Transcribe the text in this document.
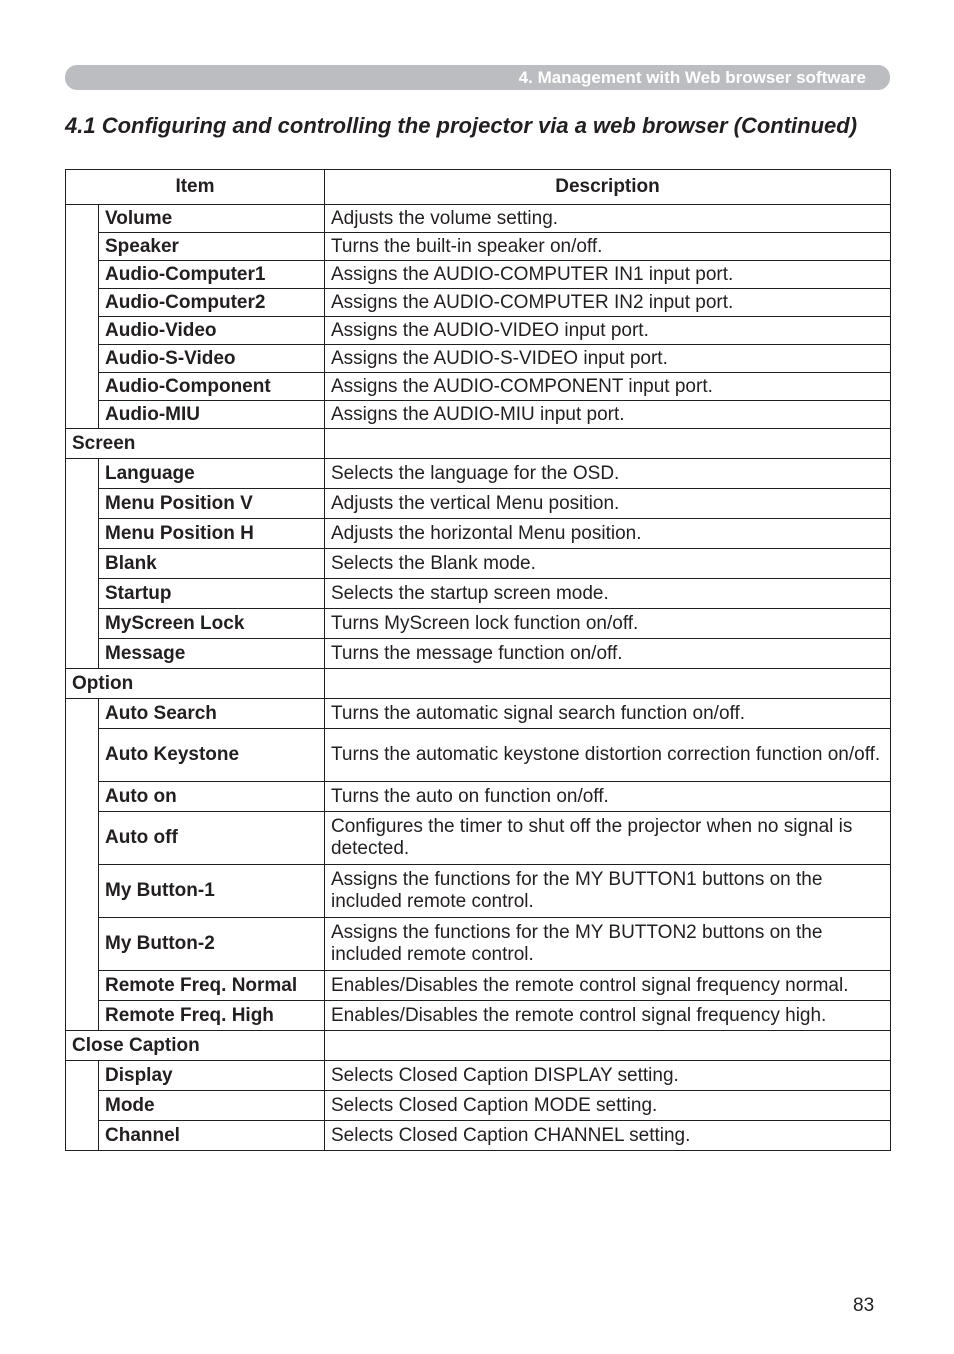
4. Management with Web browser software
4.1 Configuring and controlling the projector via a web browser (Continued)
Item		Description
	Volume	Adjusts the volume setting.
	Speaker	Turns the built-in speaker on/off.
	Audio-Computer1	Assigns the AUDIO-COMPUTER IN1 input port.
	Audio-Computer2	Assigns the AUDIO-COMPUTER IN2 input port.
	Audio-Video	Assigns the AUDIO-VIDEO input port.
	Audio-S-Video	Assigns the AUDIO-S-VIDEO input port.
	Audio-Component	Assigns the AUDIO-COMPONENT input port.
	Audio-MIU	Assigns the AUDIO-MIU input port.
Screen		
	Language	Selects the language for the OSD.
	Menu Position V	Adjusts the vertical Menu position.
	Menu Position H	Adjusts the horizontal Menu position.
	Blank	Selects the Blank mode.
	Startup	Selects the startup screen mode.
	MyScreen Lock	Turns MyScreen lock function on/off.
	Message	Turns the message function on/off.
Option		
	Auto Search	Turns the automatic signal search function on/off.
	Auto Keystone	Turns the automatic keystone distortion correction function on/off.
	Auto on	Turns the auto on function on/off.
	Auto off	Configures the timer to shut off the projector when no signal is detected.
	My Button-1	Assigns the functions for the MY BUTTON1 buttons on the included remote control.
	My Button-2	Assigns the functions for the MY BUTTON2 buttons on the included remote control.
	Remote Freq. Normal	Enables/Disables the remote control signal frequency normal.
	Remote Freq. High	Enables/Disables the remote control signal frequency high.
Close Caption		
	Display	Selects Closed Caption DISPLAY setting.
	Mode	Selects Closed Caption MODE setting.
	Channel	Selects Closed Caption CHANNEL setting.
83
